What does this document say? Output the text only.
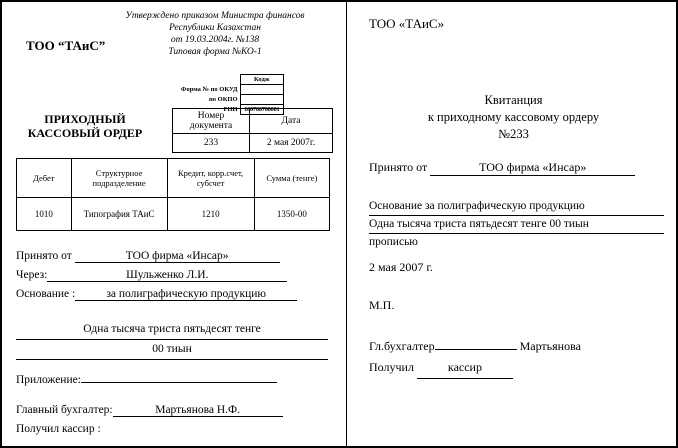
Утверждено приказом Министра финансов
Республики Казахстан
от 19.03.2004г. №138
Типовая форма №КО-1
ТОО “ТАиС”
	Кодж
Форма № по ОКУД	
по ОКПО	
РНН	100700700001
ПРИХОДНЫЙ КАССОВЫЙ ОРДЕР
Номер документа	Дата
233	2 мая 2007г.
Дебет	Структурное подразделение	Кредит, корр.счет, субсчет	Сумма (тенге)
1010	Типография ТАиС	1210	1350-00
Принято от	ТОО фирма «Инсар»
Через:	Шульженко Л.И.
Основание :	за полиграфическую продукцию
Одна тысяча триста пятьдесят тенге
00 тиын
Приложение:
Главный бухгалтер:	Мартьянова Н.Ф.
Получил кассир :
ТОО «ТАиС»
Квитанция
к приходному кассовому ордеру
№233
Принято от	ТОО фирма «Инсар»
Основание за полиграфическую продукцию
Одна тысяча триста пятьдесят тенге 00 тиын
прописью
2 мая 2007 г.
М.П.
Гл.бухгалтер	Мартьянова
Получил	кассир
